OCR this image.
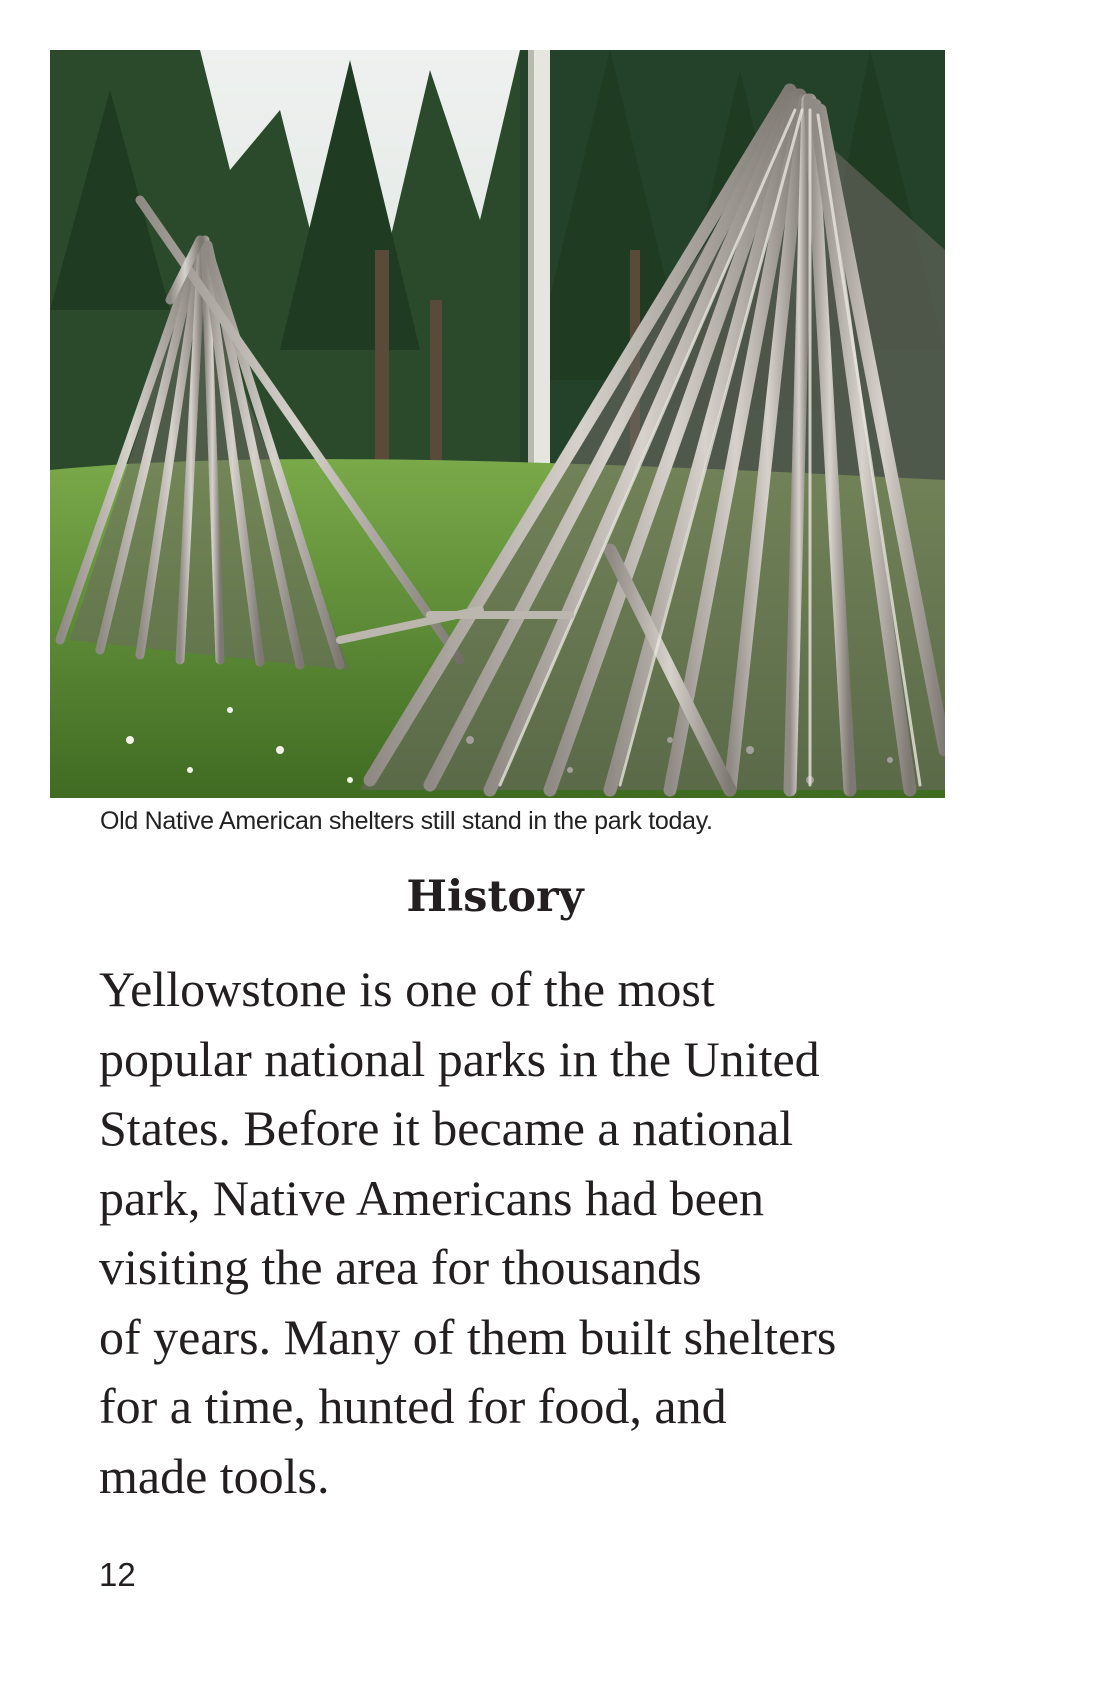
Old Native American shelters still stand in the park today.
History
Yellowstone is one of the most
popular national parks in the United
States. Before it became a national
park, Native Americans had been
visiting the area for thousands
of years. Many of them built shelters
for a time, hunted for food, and
made tools.
12
